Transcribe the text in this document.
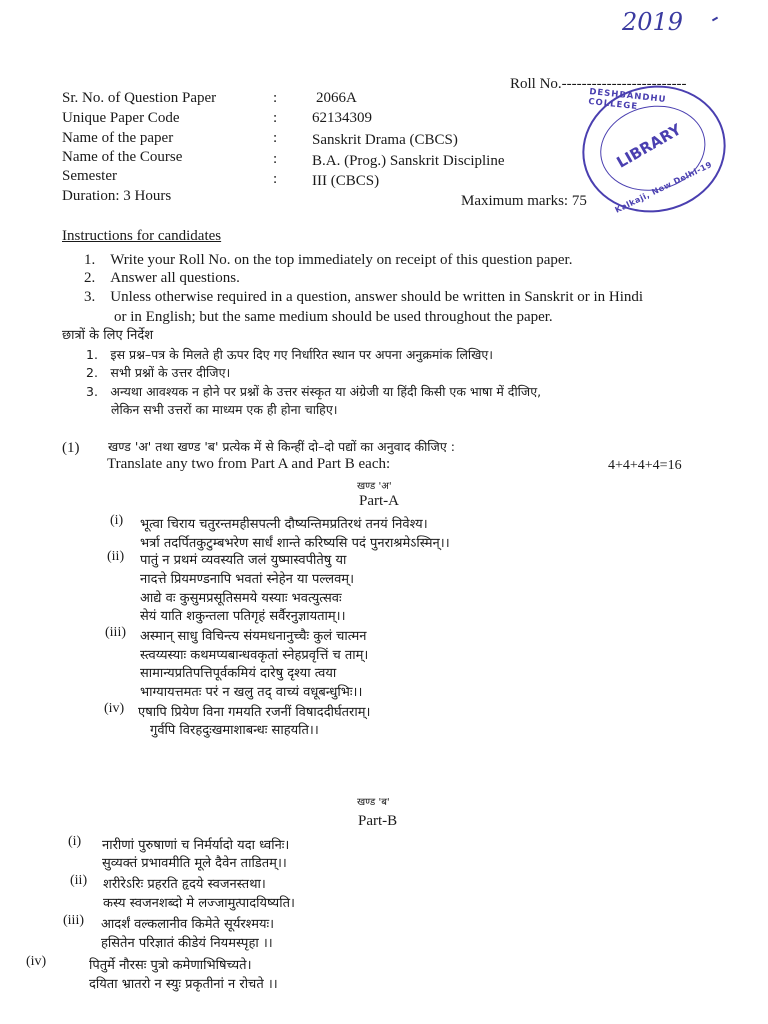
2019
Roll No.-------------------------
Sr. No. of Question Paper	:	2066A
Unique Paper Code	: 62134309
Name of the paper	: Sanskrit Drama (CBCS)
Name of the Course	: B.A. (Prog.) Sanskrit Discipline
Semester	: III (CBCS)
Duration: 3 Hours	Maximum marks: 75
DESHBANDHU COLLEGE
LIBRARY
Kalkaji, New Delhi-19
Instructions for candidates
1. Write your Roll No. on the top immediately on receipt of this question paper.
2. Answer all questions.
3. Unless otherwise required in a question, answer should be written in Sanskrit or in Hindi
  or in English; but the same medium should be used throughout the paper.
छात्रों के लिए निर्देश
1. इस प्रश्न–पत्र के मिलते ही ऊपर दिए गए निर्धारित स्थान पर अपना अनुक्रमांक लिखिए।
2. सभी प्रश्नों के उत्तर दीजिए।
3. अन्यथा आवश्यक न होने पर प्रश्नों के उत्तर संस्कृत या अंग्रेजी या हिंदी किसी एक भाषा में दीजिए,
  लेकिन सभी उत्तरों का माध्यम एक ही होना चाहिए।
(1) खण्ड 'अ' तथा खण्ड 'ब' प्रत्येक में से किन्हीं दो–दो पद्यों का अनुवाद कीजिए :
Translate any two from Part A and Part B each:	4+4+4+4=16
खण्ड 'अ'
Part-A
(i) भूत्वा चिराय चतुरन्तमहीसपत्नी दौष्यन्तिमप्रतिरथं तनयं निवेश्य।
भर्त्रा तदर्पितकुटुम्बभरेण सार्धं शान्ते करिष्यसि पदं पुनराश्रमेऽस्मिन्।।
(ii) पातुं न प्रथमं व्यवस्यति जलं युष्मास्वपीतेषु या
नादत्ते प्रियमण्डनापि भवतां स्नेहेन या पल्लवम्।
आद्ये वः कुसुमप्रसूतिसमये यस्याः भवत्युत्सवः
सेयं याति शकुन्तला पतिगृहं सर्वैरनुज्ञायताम्।।
(iii) अस्मान् साधु विचिन्त्य संयमधनानुच्चैः कुलं चात्मन
स्त्वय्यस्याः कथमप्यबान्धवकृतां स्नेहप्रवृत्तिं च ताम्।
सामान्यप्रतिपत्तिपूर्वकमियं दारेषु दृश्या त्वया
भाग्यायत्तमतः परं न खलु तद् वाच्यं वधूबन्धुभिः।।
(iv) एषापि प्रियेण विना गमयति रजनीं विषाददीर्घतराम्।
गुर्वपि विरहदुःखमाशाबन्धः साहयति।।
खण्ड 'ब'
Part-B
(i) नारीणां पुरुषाणां च निर्मर्यादो यदा ध्वनिः।
सुव्यक्तं प्रभावमीति मूले दैवेन ताडितम्।।
(ii) शरीरेऽरिः प्रहरति हृदये स्वजनस्तथा।
कस्य स्वजनशब्दो मे लज्जामुत्पादयिष्यति।
(iii) आदर्शं वल्कलानीव किमेते सूर्यरश्मयः।
हसितेन परिज्ञातं कीडेयं नियमस्पृहा ।।
(iv)	पितुर्मे नौरसः पुत्रो कमेणाभिषिच्यते।
दयिता भ्रातरो न स्युः प्रकृतीनां न रोचते ।।
